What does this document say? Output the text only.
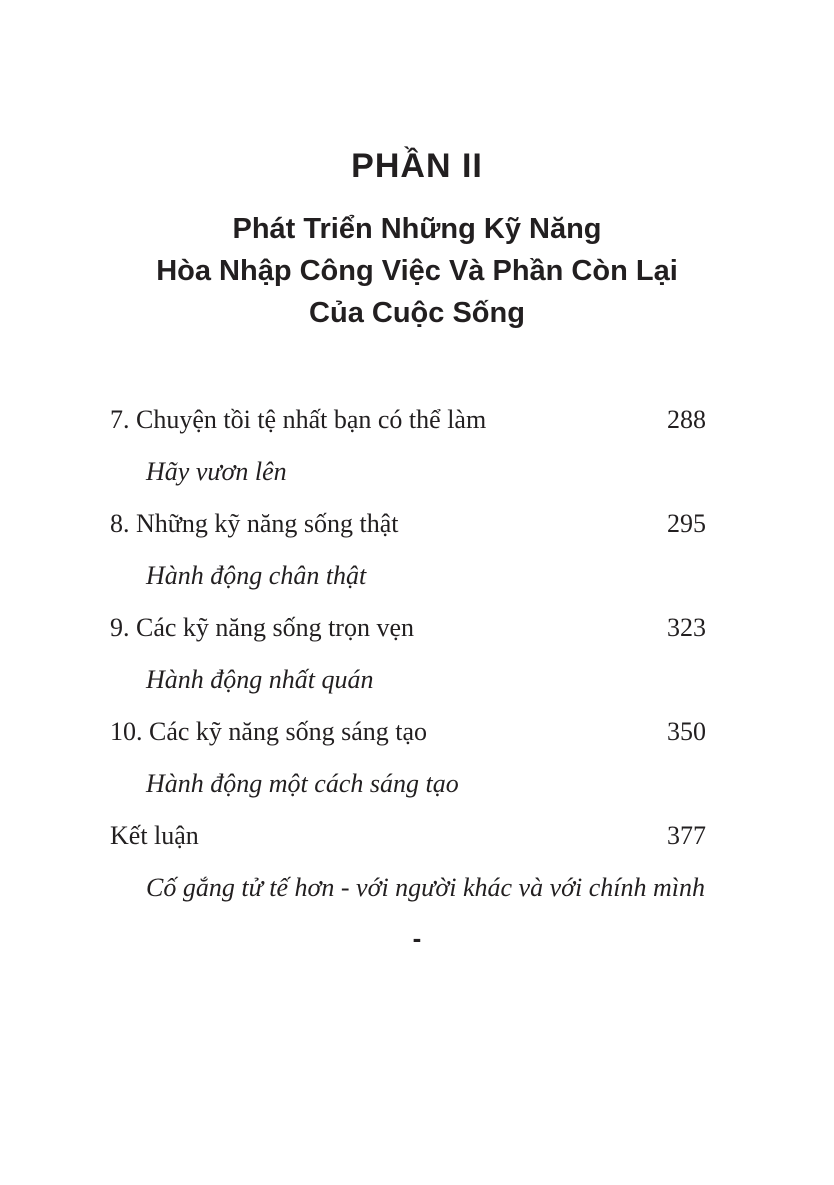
PHẦN II
Phát Triển Những Kỹ Năng
Hòa Nhập Công Việc Và Phần Còn Lại
Của Cuộc Sống
7. Chuyện tồi tệ nhất bạn có thể làm	288
Hãy vươn lên
8. Những kỹ năng sống thật	295
Hành động chân thật
9. Các kỹ năng sống trọn vẹn	323
Hành động nhất quán
10. Các kỹ năng sống sáng tạo	350
Hành động một cách sáng tạo
Kết luận	377
Cố gắng tử tế hơn - với người khác và với chính mình
-
